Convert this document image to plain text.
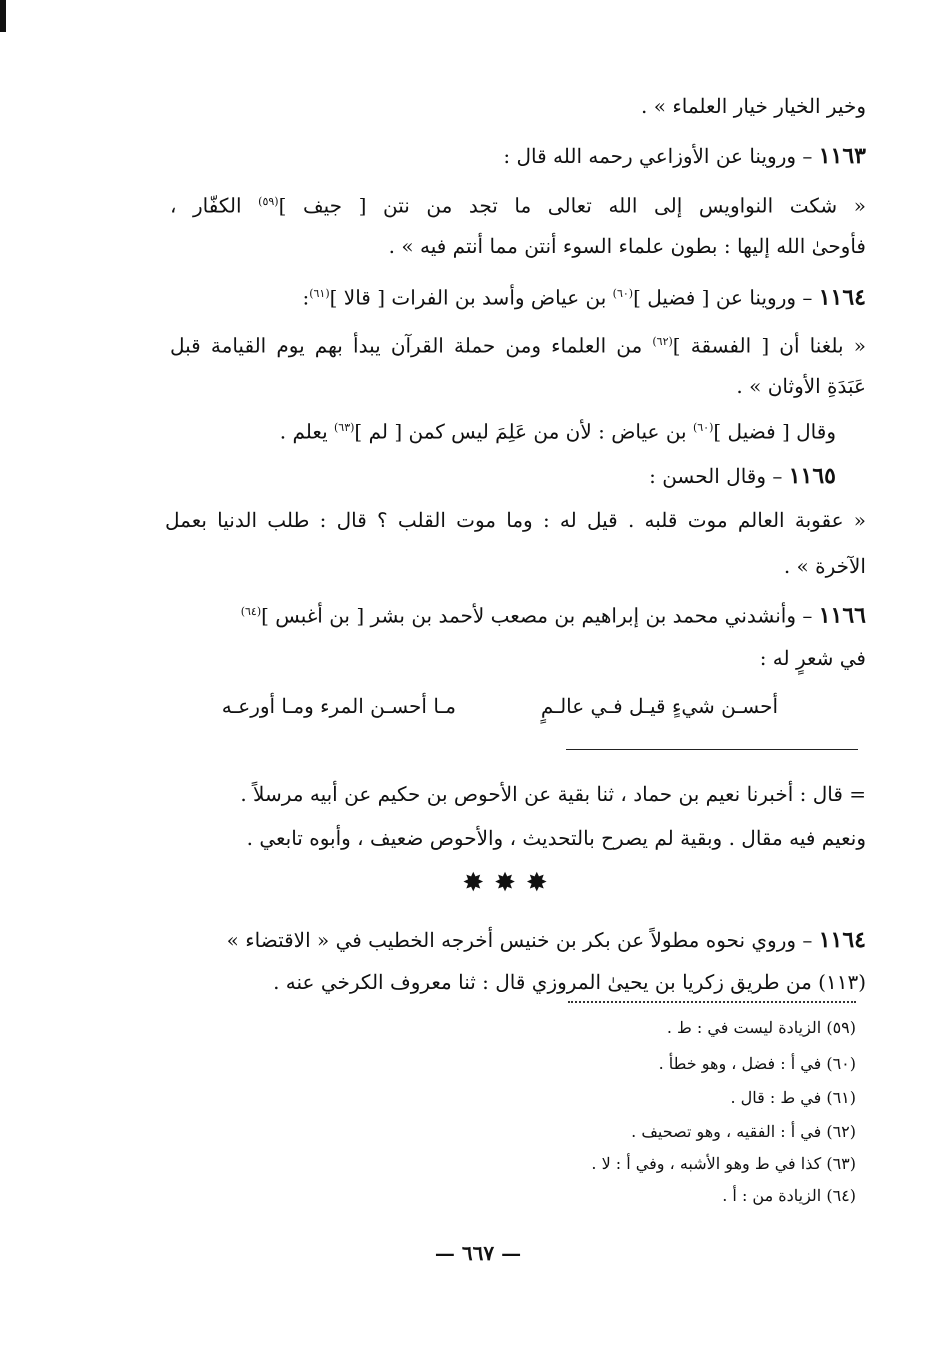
وخير الخيار خيار العلماء » .
١١٦٣ – وروينا عن الأوزاعي رحمه الله قال :
« شكت النواويس إلى الله تعالى ما تجد من نتن [ جيف ]$^{(٥٩)}$ الكفّار ،
فأوحىٰ الله إليها : بطون علماء السوء أنتن مما أنتم فيه » .
١١٦٤ – وروينا عن [ فضيل ]$^{(٦٠)}$ بن عياض وأسد بن الفرات [ قالا ]$^{(٦١)}$:
« بلغنا أن [ الفسقة ]$^{(٦٢)}$ من العلماء ومن حملة القرآن يبدأ بهم يوم القيامة قبل
عَبَدَةِ الأوثان » .
وقال [ فضيل ]$^{(٦٠)}$ بن عياض : لأن من عَلِمَ ليس كمن [ لم ]$^{(٦٣)}$ يعلم .
١١٦٥ – وقال الحسن :
« عقوبة العالم موت قلبه . قيل له : وما موت القلب ؟ قال : طلب الدنيا بعمل
الآخرة » .
١١٦٦ – وأنشدني محمد بن إبراهيم بن مصعب لأحمد بن بشر [ بن أغبس ]$^{(٦٤)}$
في شعرٍ له :
أحسـن شيءٍ قيـل فـي عالـمٍ
مـا أحسـن المرء ومـا أورعـه
= قال : أخبرنا نعيم بن حماد ، ثنا بقية عن الأحوص بن حكيم عن أبيه مرسلاً .
ونعيم فيه مقال . وبقية لم يصرح بالتحديث ، والأحوص ضعيف ، وأبوه تابعي .
✸✸✸
١١٦٤ – وروي نحوه مطولاً عن بكر بن خنيس أخرجه الخطيب في « الاقتضاء »
(١١٣) من طريق زكريا بن يحيىٰ المروزي قال : ثنا معروف الكرخي عنه .
(٥٩) الزيادة ليست في : ط .
(٦٠) في أ : فضل ، وهو خطأ .
(٦١) في ط : قال .
(٦٢) في أ : الفقيه ، وهو تصحيف .
(٦٣) كذا في ط وهو الأشبه ، وفي أ : لا .
(٦٤) الزيادة من : أ .
— ٦٦٧ —
